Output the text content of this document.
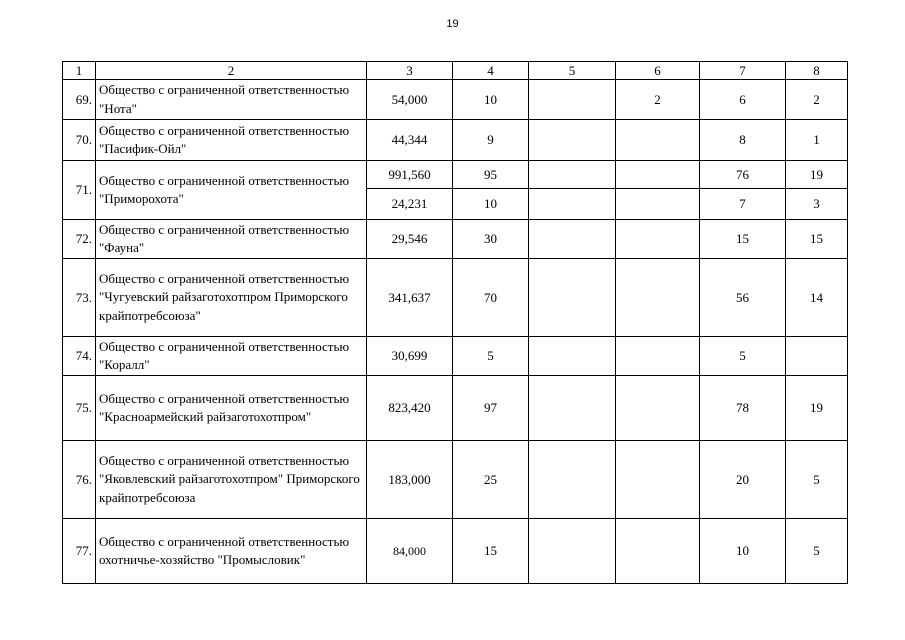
19
1	2	3	4	5	6	7	8
69.	Общество с ограниченной ответственностью "Нота"	54,000	10		2	6	2
70.	Общество с ограниченной ответственностью "Пасифик-Ойл"	44,344	9			8	1
71.	Общество с ограниченной ответственностью "Приморохота"	991,560	95			76	19
		24,231	10			7	3
72.	Общество с ограниченной ответственностью "Фауна"	29,546	30			15	15
73.	Общество с ограниченной ответственностью "Чугуевский райзаготохотпром Приморского крайпотребсоюза"	341,637	70			56	14
74.	Общество с ограниченной ответственностью "Коралл"	30,699	5			5	
75.	Общество с ограниченной ответственностью "Красноармейский райзаготохотпром"	823,420	97			78	19
76.	Общество с ограниченной ответственностью "Яковлевский райзаготохотпром" Приморского крайпотребсоюза	183,000	25			20	5
77.	Общество с ограниченной ответственностью охотничье-хозяйство "Промысловик"	84,000	15			10	5
